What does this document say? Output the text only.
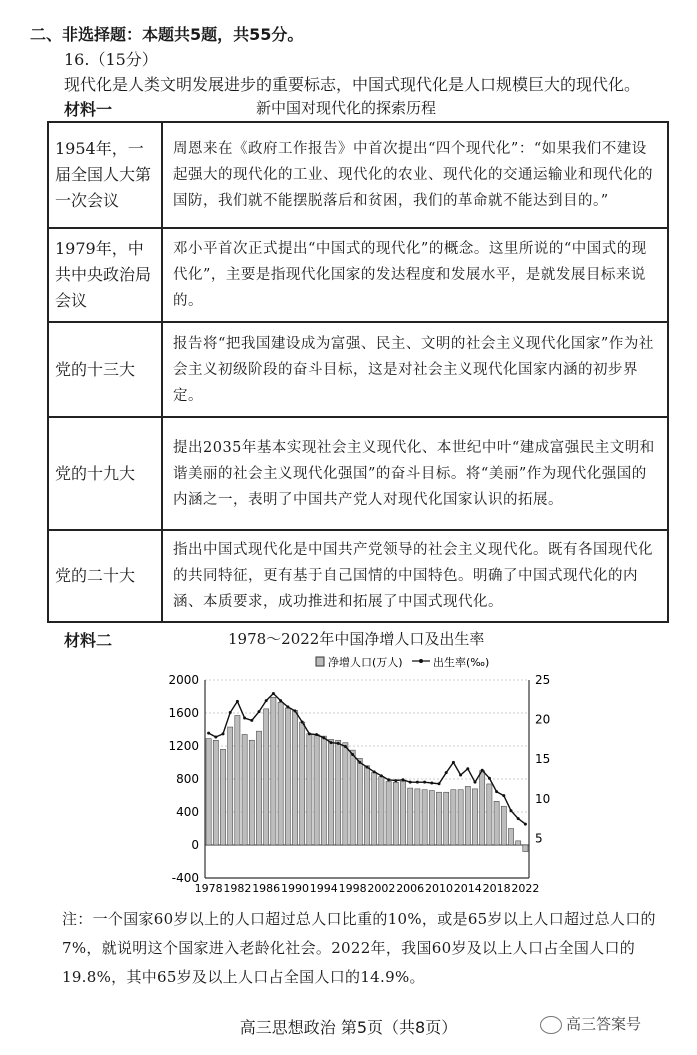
二、非选择题：本题共5题，共55分。
16.（15分）
现代化是人类文明发展进步的重要标志，中国式现代化是人口规模巨大的现代化。
材料一	新中国对现代化的探索历程
1954年，一届全国人大第一次会议	周恩来在《政府工作报告》中首次提出“四个现代化”：“如果我们不建设起强大的现代化的工业、现代化的农业、现代化的交通运输业和现代化的国防，我们就不能摆脱落后和贫困，我们的革命就不能达到目的。”
1979年，中共中央政治局会议	邓小平首次正式提出“中国式的现代化”的概念。这里所说的“中国式的现代化”，主要是指现代化国家的发达程度和发展水平，是就发展目标来说的。
党的十三大	报告将“把我国建设成为富强、民主、文明的社会主义现代化国家”作为社会主义初级阶段的奋斗目标，这是对社会主义现代化国家内涵的初步界定。
党的十九大	提出2035年基本实现社会主义现代化、本世纪中叶“建成富强民主文明和谐美丽的社会主义现代化强国”的奋斗目标。将“美丽”作为现代化强国的内涵之一，表明了中国共产党人对现代化国家认识的拓展。
党的二十大	指出中国式现代化是中国共产党领导的社会主义现代化。既有各国现代化的共同特征，更有基于自己国情的中国特色。明确了中国式现代化的内涵、本质要求，成功推进和拓展了中国式现代化。
材料二	1978～2022年中国净增人口及出生率
净增人口(万人)	出生率(‰)
2000
1600
1200
800
400
0
-400
25
20
15
10
5
1978 1982 1986 1990 1994 1998 2002 2006 2010 2014 2018 2022
注：一个国家60岁以上的人口超过总人口比重的10%，或是65岁以上人口超过总人口的7%，就说明这个国家进入老龄化社会。2022年，我国60岁及以上人口占全国人口的19.8%，其中65岁及以上人口占全国人口的14.9%。
高三思想政治 第5页（共8页）	高三答案号
